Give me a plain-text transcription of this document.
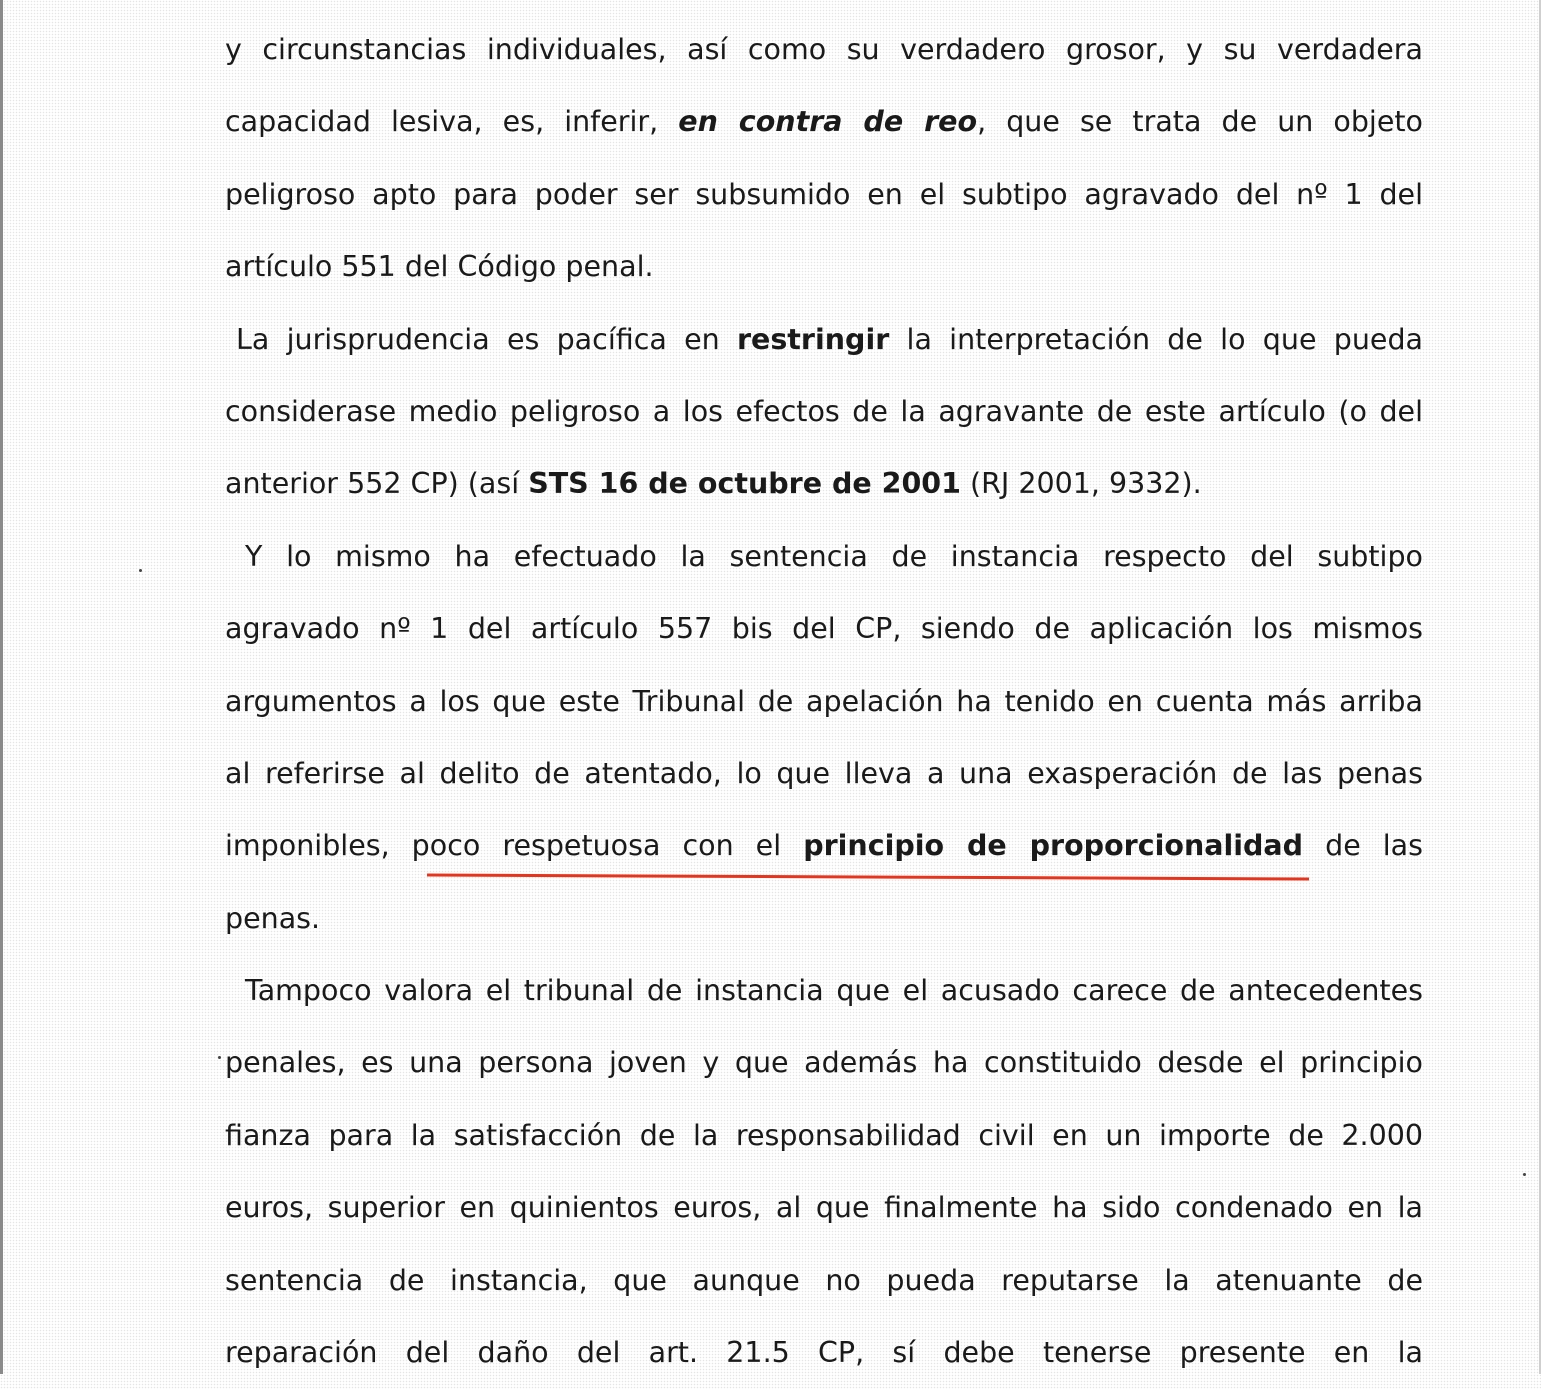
y circunstancias individuales, así como su verdadero grosor, y su verdadera
capacidad lesiva, es, inferir, en contra de reo, que se trata de un objeto
peligroso apto para poder ser subsumido en el subtipo agravado del nº 1 del
artículo 551 del Código penal.
La jurisprudencia es pacífica en restringir la interpretación de lo que pueda
considerase medio peligroso a los efectos de la agravante de este artículo (o del
anterior 552 CP) (así STS 16 de octubre de 2001 (RJ 2001, 9332).
Y lo mismo ha efectuado la sentencia de instancia respecto del subtipo
agravado nº 1 del artículo 557 bis del CP, siendo de aplicación los mismos
argumentos a los que este Tribunal de apelación ha tenido en cuenta más arriba
al referirse al delito de atentado, lo que lleva a una exasperación de las penas
imponibles, poco respetuosa con el principio de proporcionalidad de las
penas.
Tampoco valora el tribunal de instancia que el acusado carece de antecedentes
penales, es una persona joven y que además ha constituido desde el principio
fianza para la satisfacción de la responsabilidad civil en un importe de 2.000
euros, superior en quinientos euros, al que finalmente ha sido condenado en la
sentencia de instancia, que aunque no pueda reputarse la atenuante de
reparación del daño del art. 21.5 CP, sí debe tenerse presente en la
